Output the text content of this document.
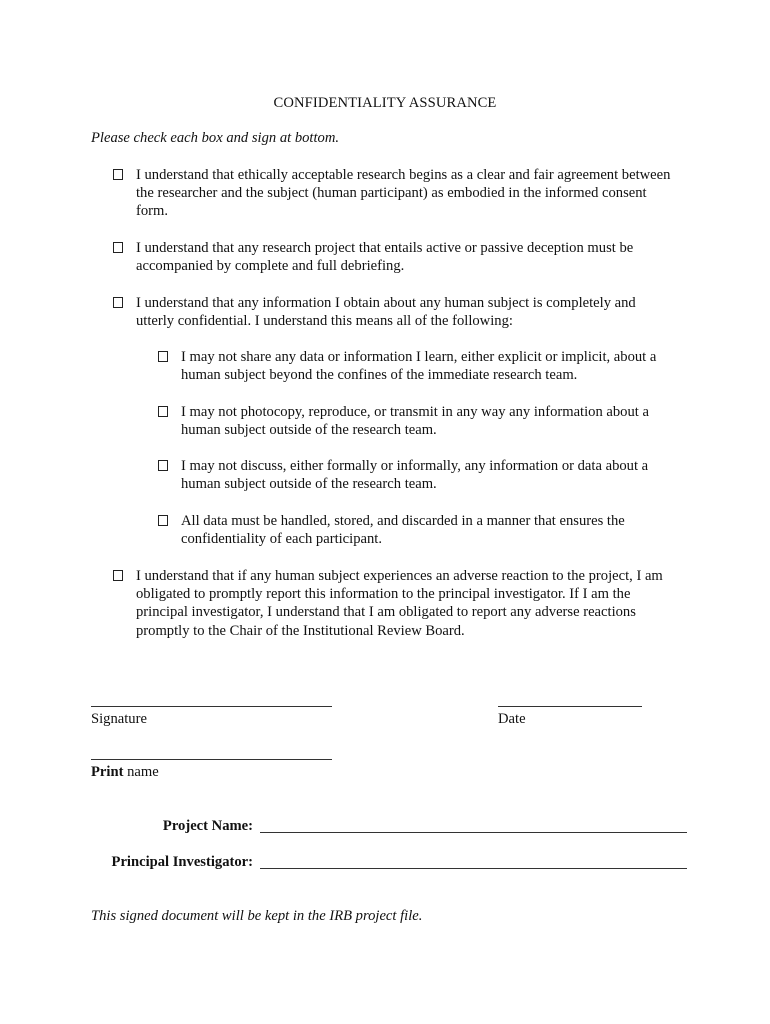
CONFIDENTIALITY ASSURANCE
Please check each box and sign at bottom.
I understand that ethically acceptable research begins as a clear and fair agreement between the researcher and the subject (human participant) as embodied in the informed consent form.
I understand that any research project that entails active or passive deception must be accompanied by complete and full debriefing.
I understand that any information I obtain about any human subject is completely and utterly confidential. I understand this means all of the following:
I may not share any data or information I learn, either explicit or implicit, about a human subject beyond the confines of the immediate research team.
I may not photocopy, reproduce, or transmit in any way any information about a human subject outside of the research team.
I may not discuss, either formally or informally, any information or data about a human subject outside of the research team.
All data must be handled, stored, and discarded in a manner that ensures the confidentiality of each participant.
I understand that if any human subject experiences an adverse reaction to the project, I am obligated to promptly report this information to the principal investigator. If I am the principal investigator, I understand that I am obligated to report any adverse reactions promptly to the Chair of the Institutional Review Board.
Signature	Date
Print name
Project Name:
Principal Investigator:
This signed document will be kept in the IRB project file.
